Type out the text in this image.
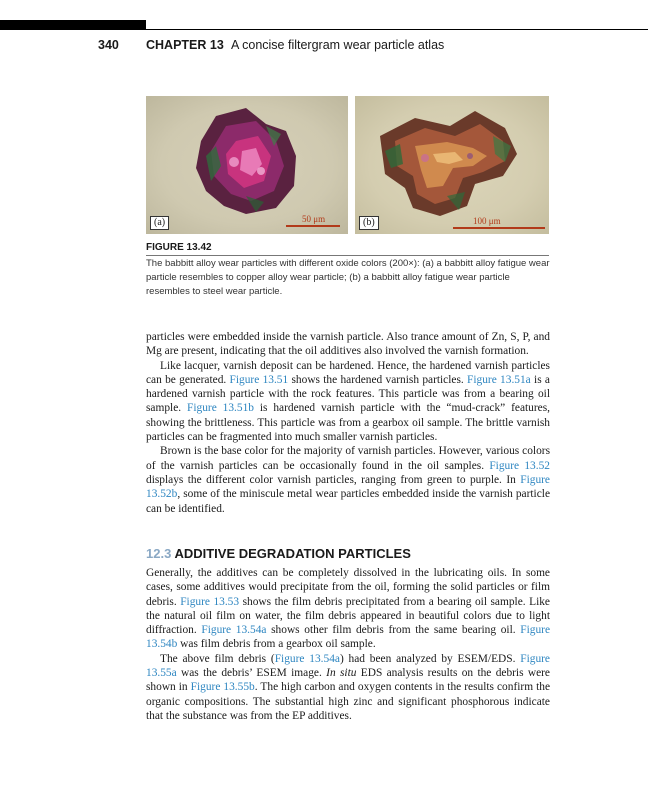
340 CHAPTER 13 A concise filtergram wear particle atlas
(a)	50 μm	(b)	100 μm
FIGURE 13.42
The babbitt alloy wear particles with different oxide colors (200×): (a) a babbitt alloy fatigue wear particle resembles to copper alloy wear particle; (b) a babbitt alloy fatigue wear particle resembles to steel wear particle.

particles were embedded inside the varnish particle. Also trance amount of Zn, S, P, and Mg are present, indicating that the oil additives also involved the varnish formation.

Like lacquer, varnish deposit can be hardened. Hence, the hardened varnish particles can be generated. Figure 13.51 shows the hardened varnish particles. Figure 13.51a is a hardened varnish particle with the rock features. This particle was from a bearing oil sample. Figure 13.51b is hardened varnish particle with the “mud-crack” features, showing the brittleness. This particle was from a gearbox oil sample. The brittle varnish particles can be fragmented into much smaller varnish particles.

Brown is the base color for the majority of varnish particles. However, various colors of the varnish particles can be occasionally found in the oil samples. Figure 13.52 displays the different color varnish particles, ranging from green to purple. In Figure 13.52b, some of the miniscule metal wear particles embedded inside the varnish particle can be identified.

12.3 ADDITIVE DEGRADATION PARTICLES

Generally, the additives can be completely dissolved in the lubricating oils. In some cases, some additives would precipitate from the oil, forming the solid particles or film debris. Figure 13.53 shows the film debris precipitated from a bearing oil sample. Like the natural oil film on water, the film debris appeared in beautiful colors due to light diffraction. Figure 13.54a shows other film debris from the same bearing oil. Figure 13.54b was film debris from a gearbox oil sample.

The above film debris (Figure 13.54a) had been analyzed by ESEM/EDS. Figure 13.55a was the debris’ ESEM image. In situ EDS analysis results on the debris were shown in Figure 13.55b. The high carbon and oxygen contents in the results confirm the organic compositions. The substantial high zinc and significant phosphorous indicate that the substance was from the EP additives.
